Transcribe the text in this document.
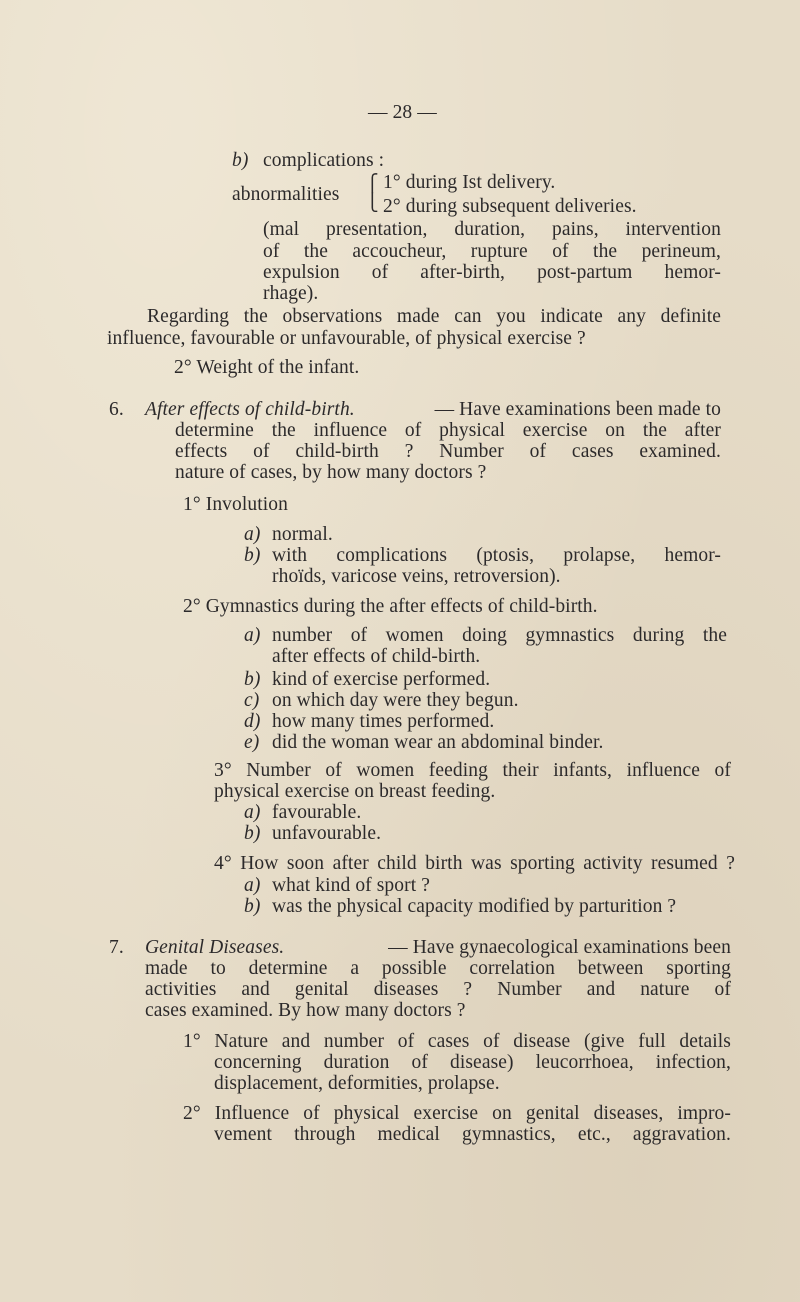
— 28 —
b) complications :
abnormalities
⎧
⎩
1° during Ist delivery.
2° during subsequent deliveries.
(mal presentation, duration, pains, intervention
of the accoucheur, rupture of the perineum,
expulsion of after-birth, post-partum hemor-
rhage).
Regarding the observations made can you indicate any definite
influence, favourable or unfavourable, of physical exercise ?
2° Weight of the infant.
6. After effects of child-birth.	— Have examinations been made to
determine the influence of physical exercise on the after
effects of child-birth ? Number of cases examined.
nature of cases, by how many doctors ?
1° Involution
a) normal.
b) with complications (ptosis, prolapse, hemor-
rhoïds, varicose veins, retroversion).
2° Gymnastics during the after effects of child-birth.
a) number of women doing gymnastics during the
after effects of child-birth.
b) kind of exercise performed.
c) on which day were they begun.
d) how many times performed.
e) did the woman wear an abdominal binder.
3° Number of women feeding their infants, influence of
physical exercise on breast feeding.
a) favourable.
b) unfavourable.
4° How soon after child birth was sporting activity resumed ?
a) what kind of sport ?
b) was the physical capacity modified by parturition ?
7. Genital Diseases.	— Have gynaecological examinations been
made to determine a possible correlation between sporting
activities and genital diseases ? Number and nature of
cases examined. By how many doctors ?
1° Nature and number of cases of disease (give full details
concerning duration of disease) leucorrhoea, infection,
displacement, deformities, prolapse.
2° Influence of physical exercise on genital diseases, impro-
vement through medical gymnastics, etc., aggravation.
